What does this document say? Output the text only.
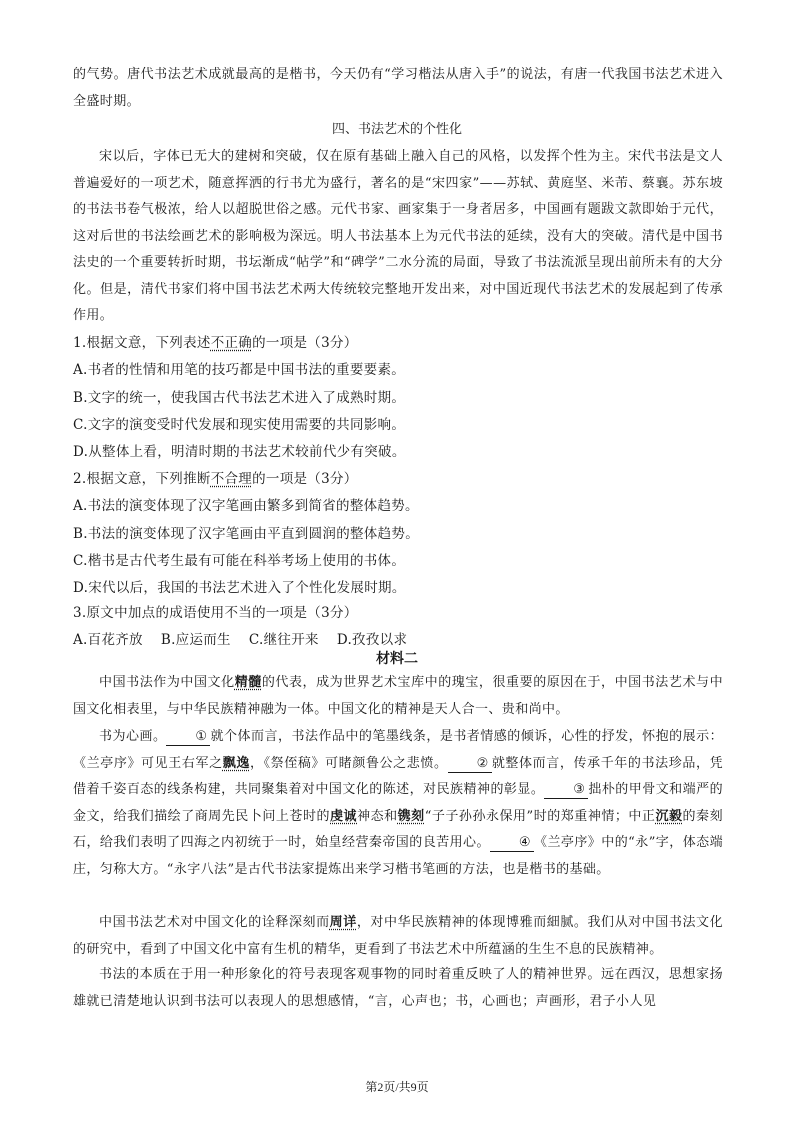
的气势。唐代书法艺术成就最高的是楷书，今天仍有“学习楷法从唐入手”的说法，有唐一代我国书法艺术进入全盛时期。
四、书法艺术的个性化
宋以后，字体已无大的建树和突破，仅在原有基础上融入自己的风格，以发挥个性为主。宋代书法是文人普遍爱好的一项艺术，随意挥洒的行书尤为盛行，著名的是“宋四家”——苏轼、黄庭坚、米芾、蔡襄。苏东坡的书法书卷气极浓，给人以超脱世俗之感。元代书家、画家集于一身者居多，中国画有题跋文款即始于元代，这对后世的书法绘画艺术的影响极为深远。明人书法基本上为元代书法的延续，没有大的突破。清代是中国书法史的一个重要转折时期，书坛渐成“帖学”和“碑学”二水分流的局面，导致了书法流派呈现出前所未有的大分化。但是，清代书家们将中国书法艺术两大传统较完整地开发出来，对中国近现代书法艺术的发展起到了传承作用。
1.根据文意，下列表述不正确的一项是（3分）
A.书者的性情和用笔的技巧都是中国书法的重要要素。
B.文字的统一，使我国古代书法艺术进入了成熟时期。
C.文字的演变受时代发展和现实使用需要的共同影响。
D.从整体上看，明清时期的书法艺术较前代少有突破。
2.根据文意，下列推断不合理的一项是（3分）
A.书法的演变体现了汉字笔画由繁多到简省的整体趋势。
B.书法的演变体现了汉字笔画由平直到圆润的整体趋势。
C.楷书是古代考生最有可能在科举考场上使用的书体。
D.宋代以后，我国的书法艺术进入了个性化发展时期。
3.原文中加点的成语使用不当的一项是（3分）
A.百花齐放 B.应运而生 C.继往开来 D.孜孜以求
材料二
中国书法作为中国文化精髓的代表，成为世界艺术宝库中的瑰宝，很重要的原因在于，中国书法艺术与中国文化相表里，与中华民族精神融为一体。中国文化的精神是天人合一、贵和尚中。
书为心画。 ① 就个体而言，书法作品中的笔墨线条，是书者情感的倾诉，心性的抒发，怀抱的展示：《兰亭序》可见王右军之飘逸，《祭侄稿》可睹颜鲁公之悲愤。 ② 就整体而言，传承千年的书法珍品，凭借着千姿百态的线条构建，共同聚集着对中国文化的陈述，对民族精神的彰显。 ③ 拙朴的甲骨文和端严的金文，给我们描绘了商周先民卜问上苍时的虔诚神态和镌刻“子子孙孙永保用”时的郑重神情；中正沉毅的秦刻石，给我们表明了四海之内初统于一时，始皇经营秦帝国的良苦用心。 ④ 《兰亭序》中的“永”字，体态端庄，匀称大方。“永字八法”是古代书法家提炼出来学习楷书笔画的方法，也是楷书的基础。
中国书法艺术对中国文化的诠释深刻而周详，对中华民族精神的体现博雅而細腻。我们从对中国书法文化的研究中，看到了中国文化中富有生机的精华，更看到了书法艺术中所蕴涵的生生不息的民族精神。
书法的本质在于用一种形象化的符号表现客观事物的同时着重反映了人的精神世界。远在西汉，思想家扬雄就已清楚地认识到书法可以表现人的思想感情，“言，心声也；书，心画也；声画形，君子小人见
第2页/共9页
